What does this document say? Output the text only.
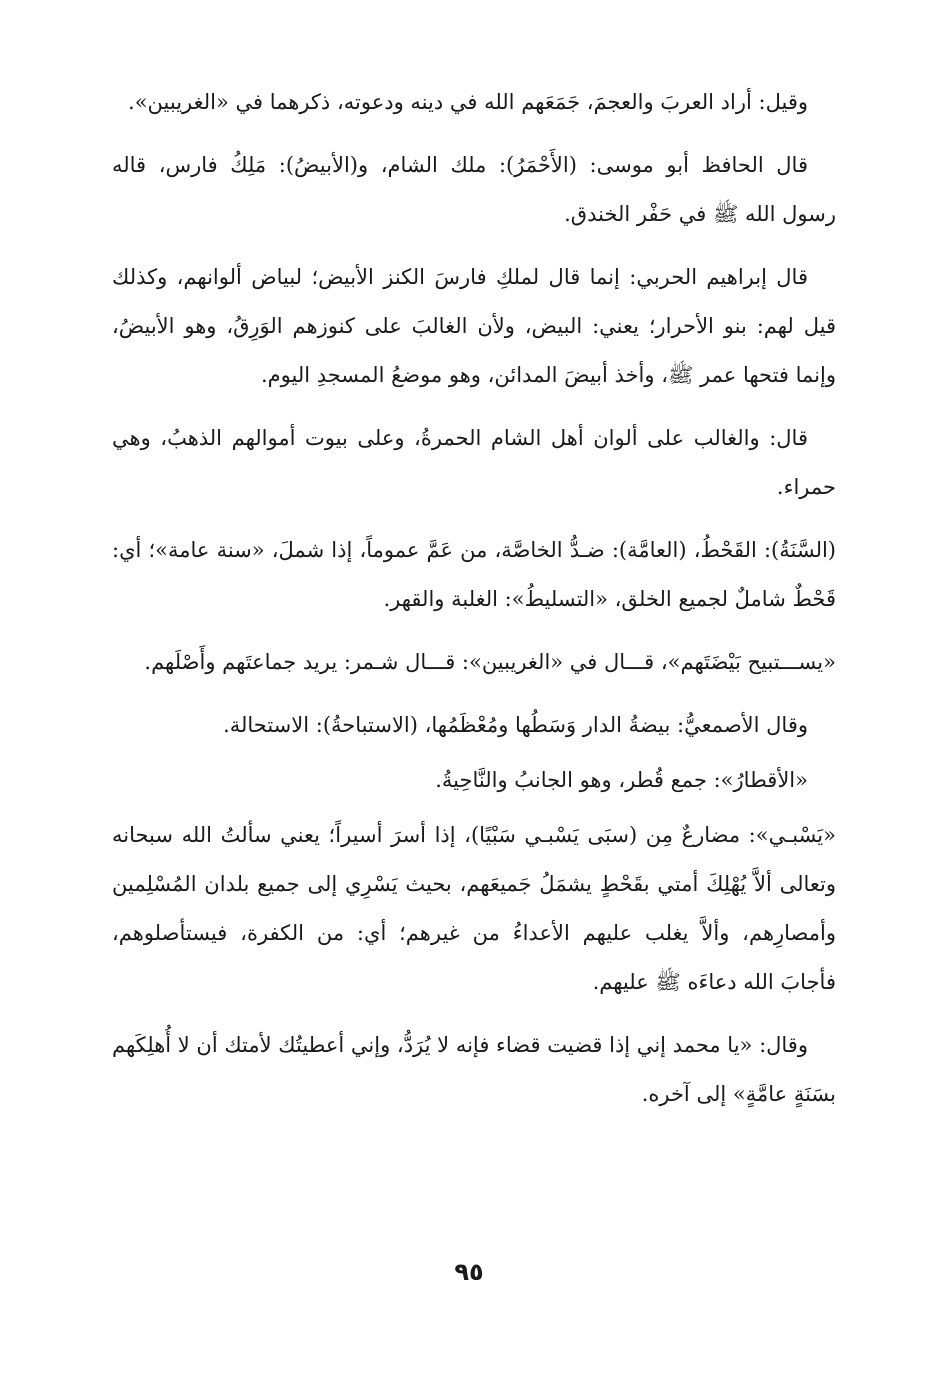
وقيل: أراد العربَ والعجمَ، جَمَعَهم الله في دينه ودعوته، ذكرهما في «الغريبين».

قال الحافظ أبو موسى: (الأَحْمَرُ): ملك الشام، و(الأبيضُ): مَلِكُ فارس، قاله رسول الله ﷺ في حَفْر الخندق.

قال إبراهيم الحربي: إنما قال لملكِ فارسَ الكنز الأبيض؛ لبياض ألوانهم، وكذلك قيل لهم: بنو الأحرار؛ يعني: البيض، ولأن الغالبَ على كنوزهم الوَرِقُ، وهو الأبيضُ، وإنما فتحها عمر ﷺ، وأخذ أبيضَ المدائن، وهو موضعُ المسجدِ اليوم.

قال: والغالب على ألوان أهل الشام الحمرةُ، وعلى بيوت أموالهم الذهبُ، وهي حمراء.

(السَّنَةُ): القَحْطُ، (العامَّة): ضـدُّ الخاصَّة، من عَمَّ عموماً، إذا شملَ، «سنة عامة»؛ أي: قَحْطٌ شاملٌ لجميع الخلق، «التسليطُ»: الغلبة والقهر.

«يســـتبيح بَيْضَتَهم»، قـــال في «الغريبين»: قـــال شـمر: يريد جماعتَهم وأَصْلَهم.

وقال الأصمعيُّ: بيضةُ الدار وَسَطُها ومُعْظَمُها، (الاستباحةُ): الاستحالة.

«الأقطارُ»: جمع قُطر، وهو الجانبُ والنَّاحِيةُ.

«يَسْبـي»: مضارعٌ مِن (سبَى يَسْبـي سَبْيًا)، إذا أسرَ أسيراً؛ يعني سألتُ الله سبحانه وتعالى ألاَّ يُهْلِكَ أمتي بقَحْطٍ يشمَلُ جَميعَهم، بحيث يَسْرِي إلى جميع بلدان المُسْلِمين وأمصارِهم، وألاَّ يغلب عليهم الأعداءُ من غيرهم؛ أي: من الكفرة، فيستأصلوهم، فأجابَ الله دعاءَه ﷺ عليهم.

وقال: «يا محمد إني إذا قضيت قضاء فإنه لا يُرَدُّ، وإني أعطيتُك لأمتك أن لا أُهلِكَهم بسَنَةٍ عامَّةٍ» إلى آخره.

٩٥
